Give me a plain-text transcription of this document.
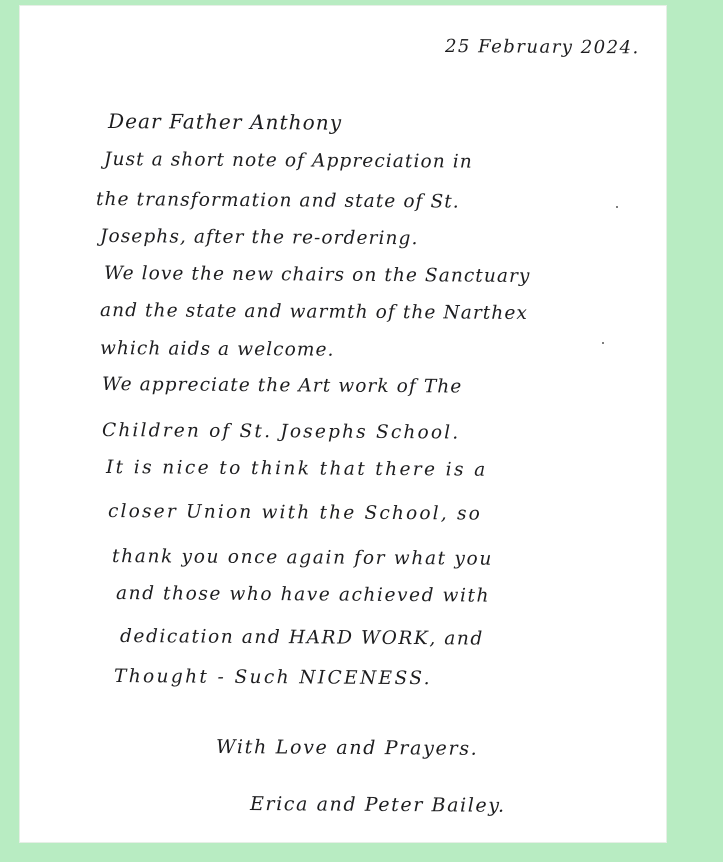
25 February 2024.
Dear Father Anthony
Just a short note of Appreciation in
the transformation and state of St.
Josephs, after the re-ordering.
We love the new chairs on the Sanctuary
and the state and warmth of the Narthex
which aids a welcome.
We appreciate the Art work of The
Children of St. Josephs School.
It is nice to think that there is a
closer Union with the School, so
thank you once again for what you
and those who have achieved with
dedication and HARD WORK, and
Thought - Such NICENESS.
With Love and Prayers.
Erica and Peter Bailey.
